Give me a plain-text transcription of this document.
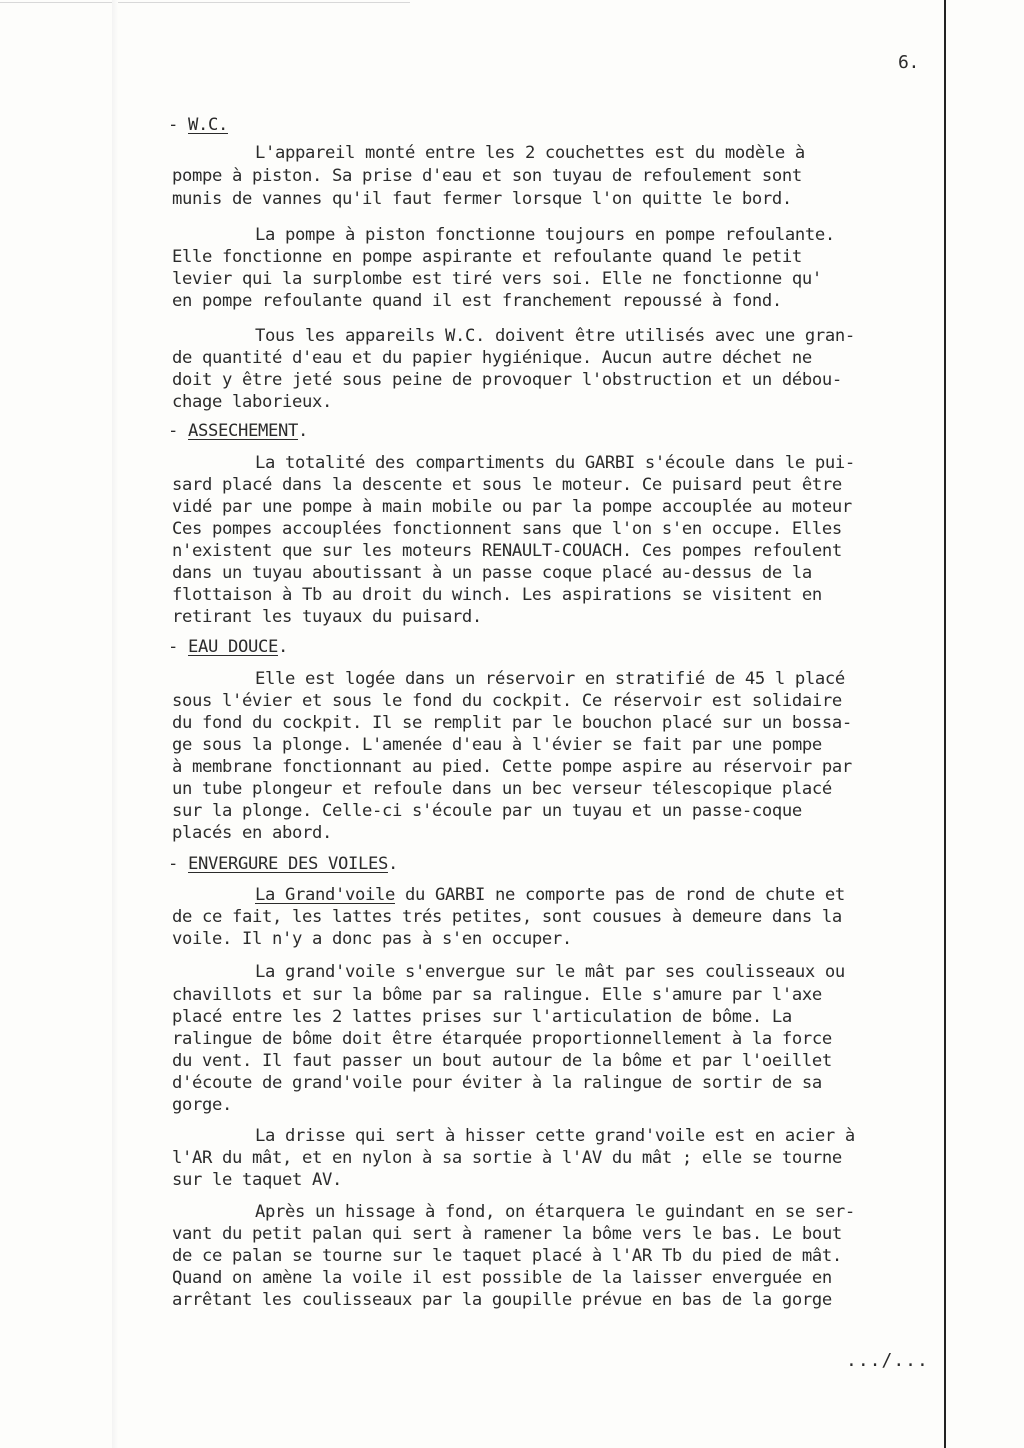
6.
- W.C.
L'appareil monté entre les 2 couchettes est du modèle à
pompe à piston. Sa prise d'eau et son tuyau de refoulement sont
munis de vannes qu'il faut fermer lorsque l'on quitte le bord.
La pompe à piston fonctionne toujours en pompe refoulante.
Elle fonctionne en pompe aspirante et refoulante quand le petit
levier qui la surplombe est tiré vers soi. Elle ne fonctionne qu'
en pompe refoulante quand il est franchement repoussé à fond.
Tous les appareils W.C. doivent être utilisés avec une gran-
de quantité d'eau et du papier hygiénique. Aucun autre déchet ne
doit y être jeté sous peine de provoquer l'obstruction et un débou-
chage laborieux.
- ASSECHEMENT.
La totalité des compartiments du GARBI s'écoule dans le pui-
sard placé dans la descente et sous le moteur. Ce puisard peut être
vidé par une pompe à main mobile ou par la pompe accouplée au moteur
Ces pompes accouplées fonctionnent sans que l'on s'en occupe. Elles
n'existent que sur les moteurs RENAULT-COUACH. Ces pompes refoulent
dans un tuyau aboutissant à un passe coque placé au-dessus de la
flottaison à Tb au droit du winch. Les aspirations se visitent en
retirant les tuyaux du puisard.
- EAU DOUCE.
Elle est logée dans un réservoir en stratifié de 45 l placé
sous l'évier et sous le fond du cockpit. Ce réservoir est solidaire
du fond du cockpit. Il se remplit par le bouchon placé sur un bossa-
ge sous la plonge. L'amenée d'eau à l'évier se fait par une pompe
à membrane fonctionnant au pied. Cette pompe aspire au réservoir par
un tube plongeur et refoule dans un bec verseur télescopique placé
sur la plonge. Celle-ci s'écoule par un tuyau et un passe-coque
placés en abord.
- ENVERGURE DES VOILES.
La Grand'voile du GARBI ne comporte pas de rond de chute et
de ce fait, les lattes trés petites, sont cousues à demeure dans la
voile. Il n'y a donc pas à s'en occuper.
La grand'voile s'envergue sur le mât par ses coulisseaux ou
chavillots et sur la bôme par sa ralingue. Elle s'amure par l'axe
placé entre les 2 lattes prises sur l'articulation de bôme. La
ralingue de bôme doit être étarquée proportionnellement à la force
du vent. Il faut passer un bout autour de la bôme et par l'oeillet
d'écoute de grand'voile pour éviter à la ralingue de sortir de sa
gorge.
La drisse qui sert à hisser cette grand'voile est en acier à
l'AR du mât, et en nylon à sa sortie à l'AV du mât ; elle se tourne
sur le taquet AV.
Après un hissage à fond, on étarquera le guindant en se ser-
vant du petit palan qui sert à ramener la bôme vers le bas. Le bout
de ce palan se tourne sur le taquet placé à l'AR Tb du pied de mât.
Quand on amène la voile il est possible de la laisser enverguée en
arrêtant les coulisseaux par la goupille prévue en bas de la gorge
.../...
